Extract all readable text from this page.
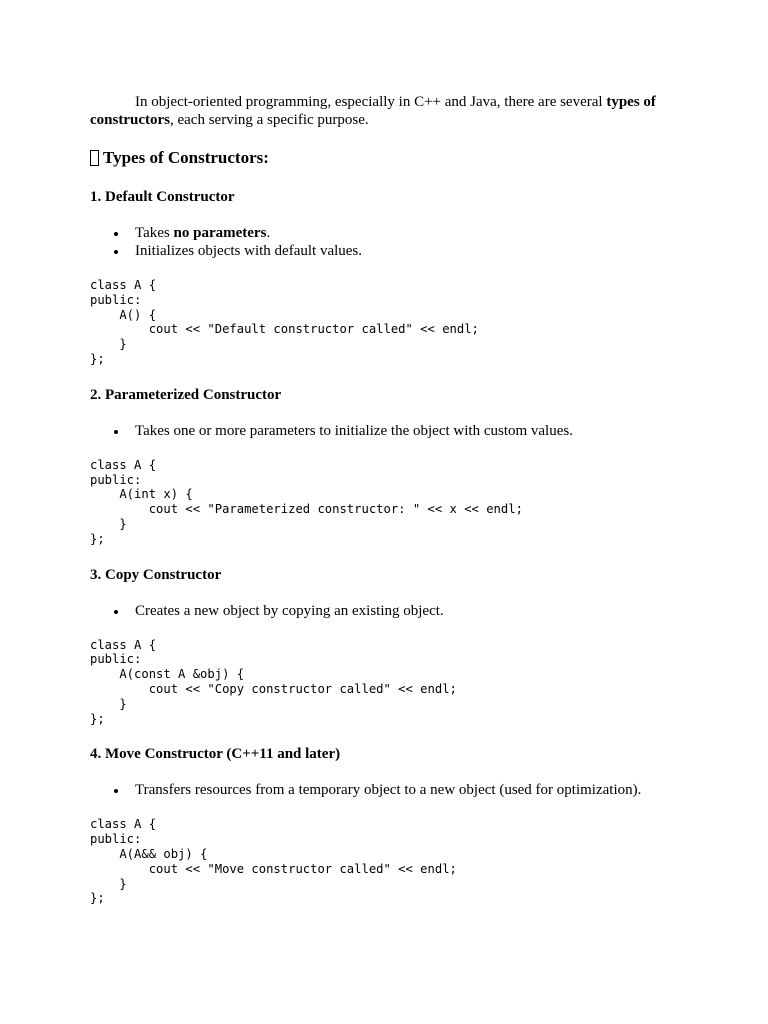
In object-oriented programming, especially in C++ and Java, there are several types of constructors, each serving a specific purpose.

Types of Constructors:
1. Default Constructor
Takes no parameters.
Initializes objects with default values.
class A {
public:
A() {
cout << "Default constructor called" << endl;
}
};
2. Parameterized Constructor
Takes one or more parameters to initialize the object with custom values.
class A {
public:
A(int x) {
cout << "Parameterized constructor: " << x << endl;
}
};
3. Copy Constructor
Creates a new object by copying an existing object.
class A {
public:
A(const A &obj) {
cout << "Copy constructor called" << endl;
}
};
4. Move Constructor (C++11 and later)
Transfers resources from a temporary object to a new object (used for optimization).
class A {
public:
A(A&& obj) {
cout << "Move constructor called" << endl;
}
};
